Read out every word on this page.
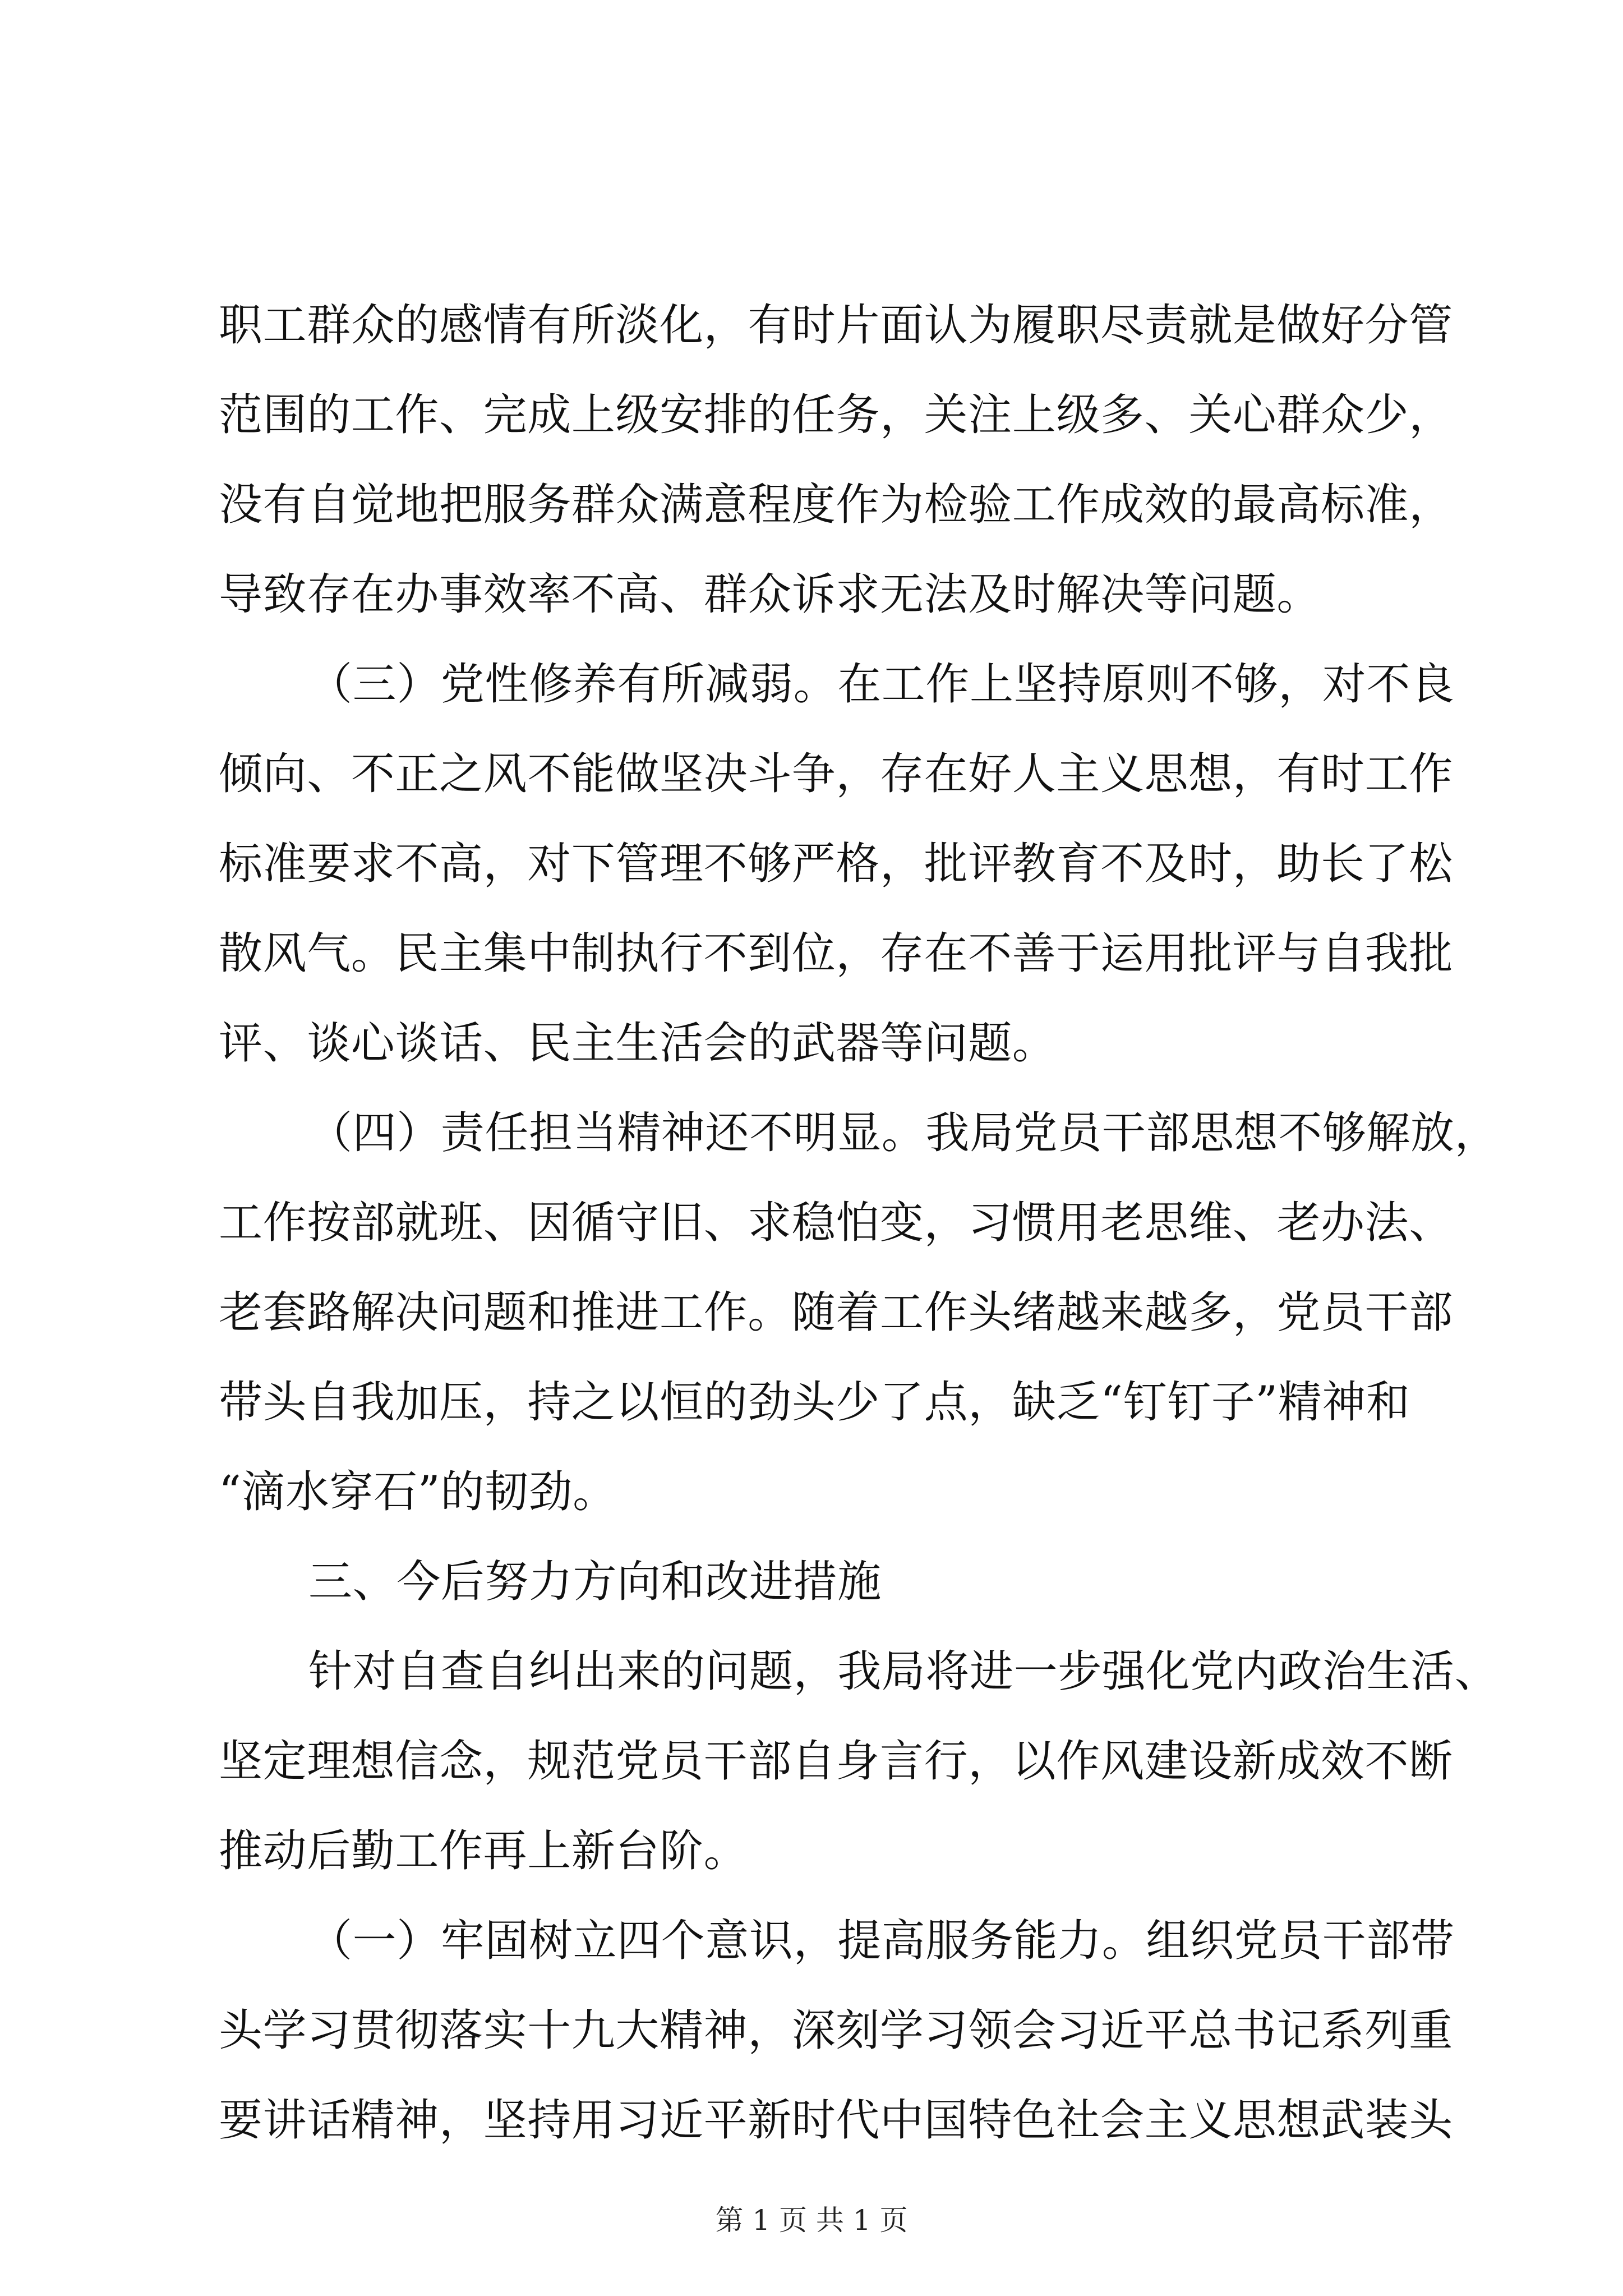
职工群众的感情有所淡化，有时片面认为履职尽责就是做好分管
范围的工作、完成上级安排的任务，关注上级多、关心群众少，
没有自觉地把服务群众满意程度作为检验工作成效的最高标准，
导致存在办事效率不高、群众诉求无法及时解决等问题。
（三）党性修养有所减弱。在工作上坚持原则不够，对不良
倾向、不正之风不能做坚决斗争，存在好人主义思想，有时工作
标准要求不高，对下管理不够严格，批评教育不及时，助长了松
散风气。民主集中制执行不到位，存在不善于运用批评与自我批
评、谈心谈话、民主生活会的武器等问题。
（四）责任担当精神还不明显。我局党员干部思想不够解放，
工作按部就班、因循守旧、求稳怕变，习惯用老思维、老办法、
老套路解决问题和推进工作。随着工作头绪越来越多，党员干部
带头自我加压，持之以恒的劲头少了点，缺乏“钉钉子”精神和
“滴水穿石”的韧劲。
三、今后努力方向和改进措施
针对自查自纠出来的问题，我局将进一步强化党内政治生活、
坚定理想信念，规范党员干部自身言行，以作风建设新成效不断
推动后勤工作再上新台阶。
（一）牢固树立四个意识，提高服务能力。组织党员干部带
头学习贯彻落实十九大精神，深刻学习领会习近平总书记系列重
要讲话精神，坚持用习近平新时代中国特色社会主义思想武装头
第 1 页 共 1 页
